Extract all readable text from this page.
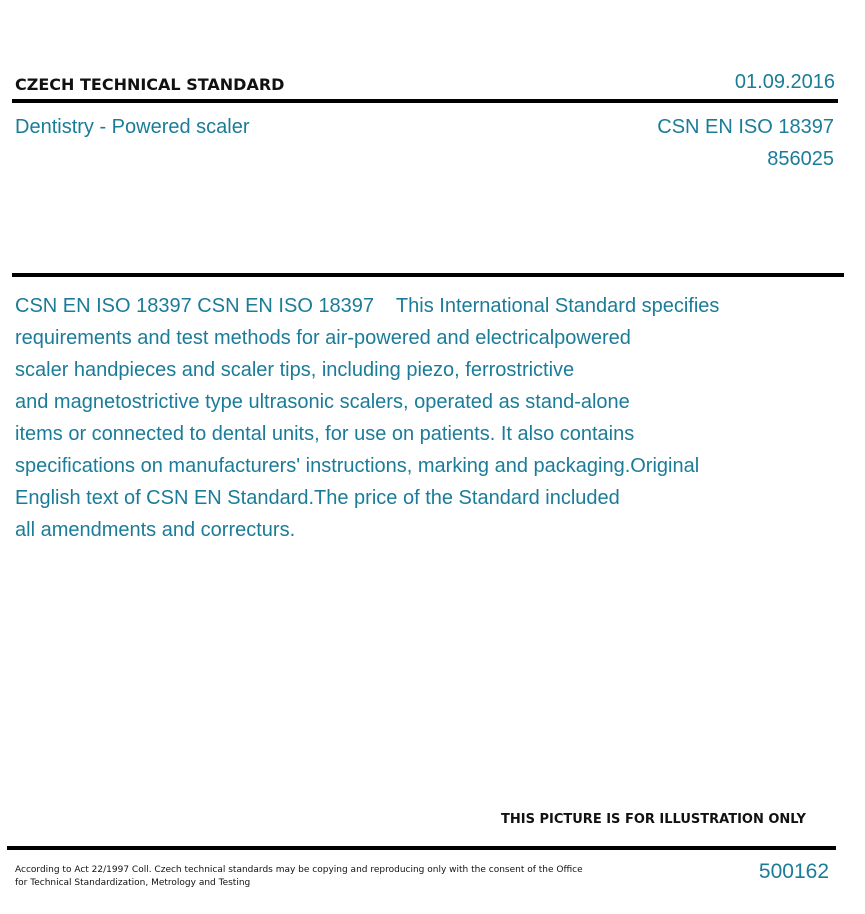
CZECH TECHNICAL STANDARD	01.09.2016
Dentistry - Powered scaler	CSN EN ISO 18397
856025
CSN EN ISO 18397 CSN EN ISO 18397    This International Standard specifies
requirements and test methods for air-powered and electricalpowered
scaler handpieces and scaler tips, including piezo, ferrostrictive
and magnetostrictive type ultrasonic scalers, operated as stand-alone
items or connected to dental units, for use on patients. It also contains
specifications on manufacturers' instructions, marking and packaging.Original
English text of CSN EN Standard.The price of the Standard included
all amendments and correcturs.
THIS PICTURE IS FOR ILLUSTRATION ONLY
According to Act 22/1997 Coll. Czech technical standards may be copying and reproducing only with the consent of the Office
for Technical Standardization, Metrology and Testing	500162
